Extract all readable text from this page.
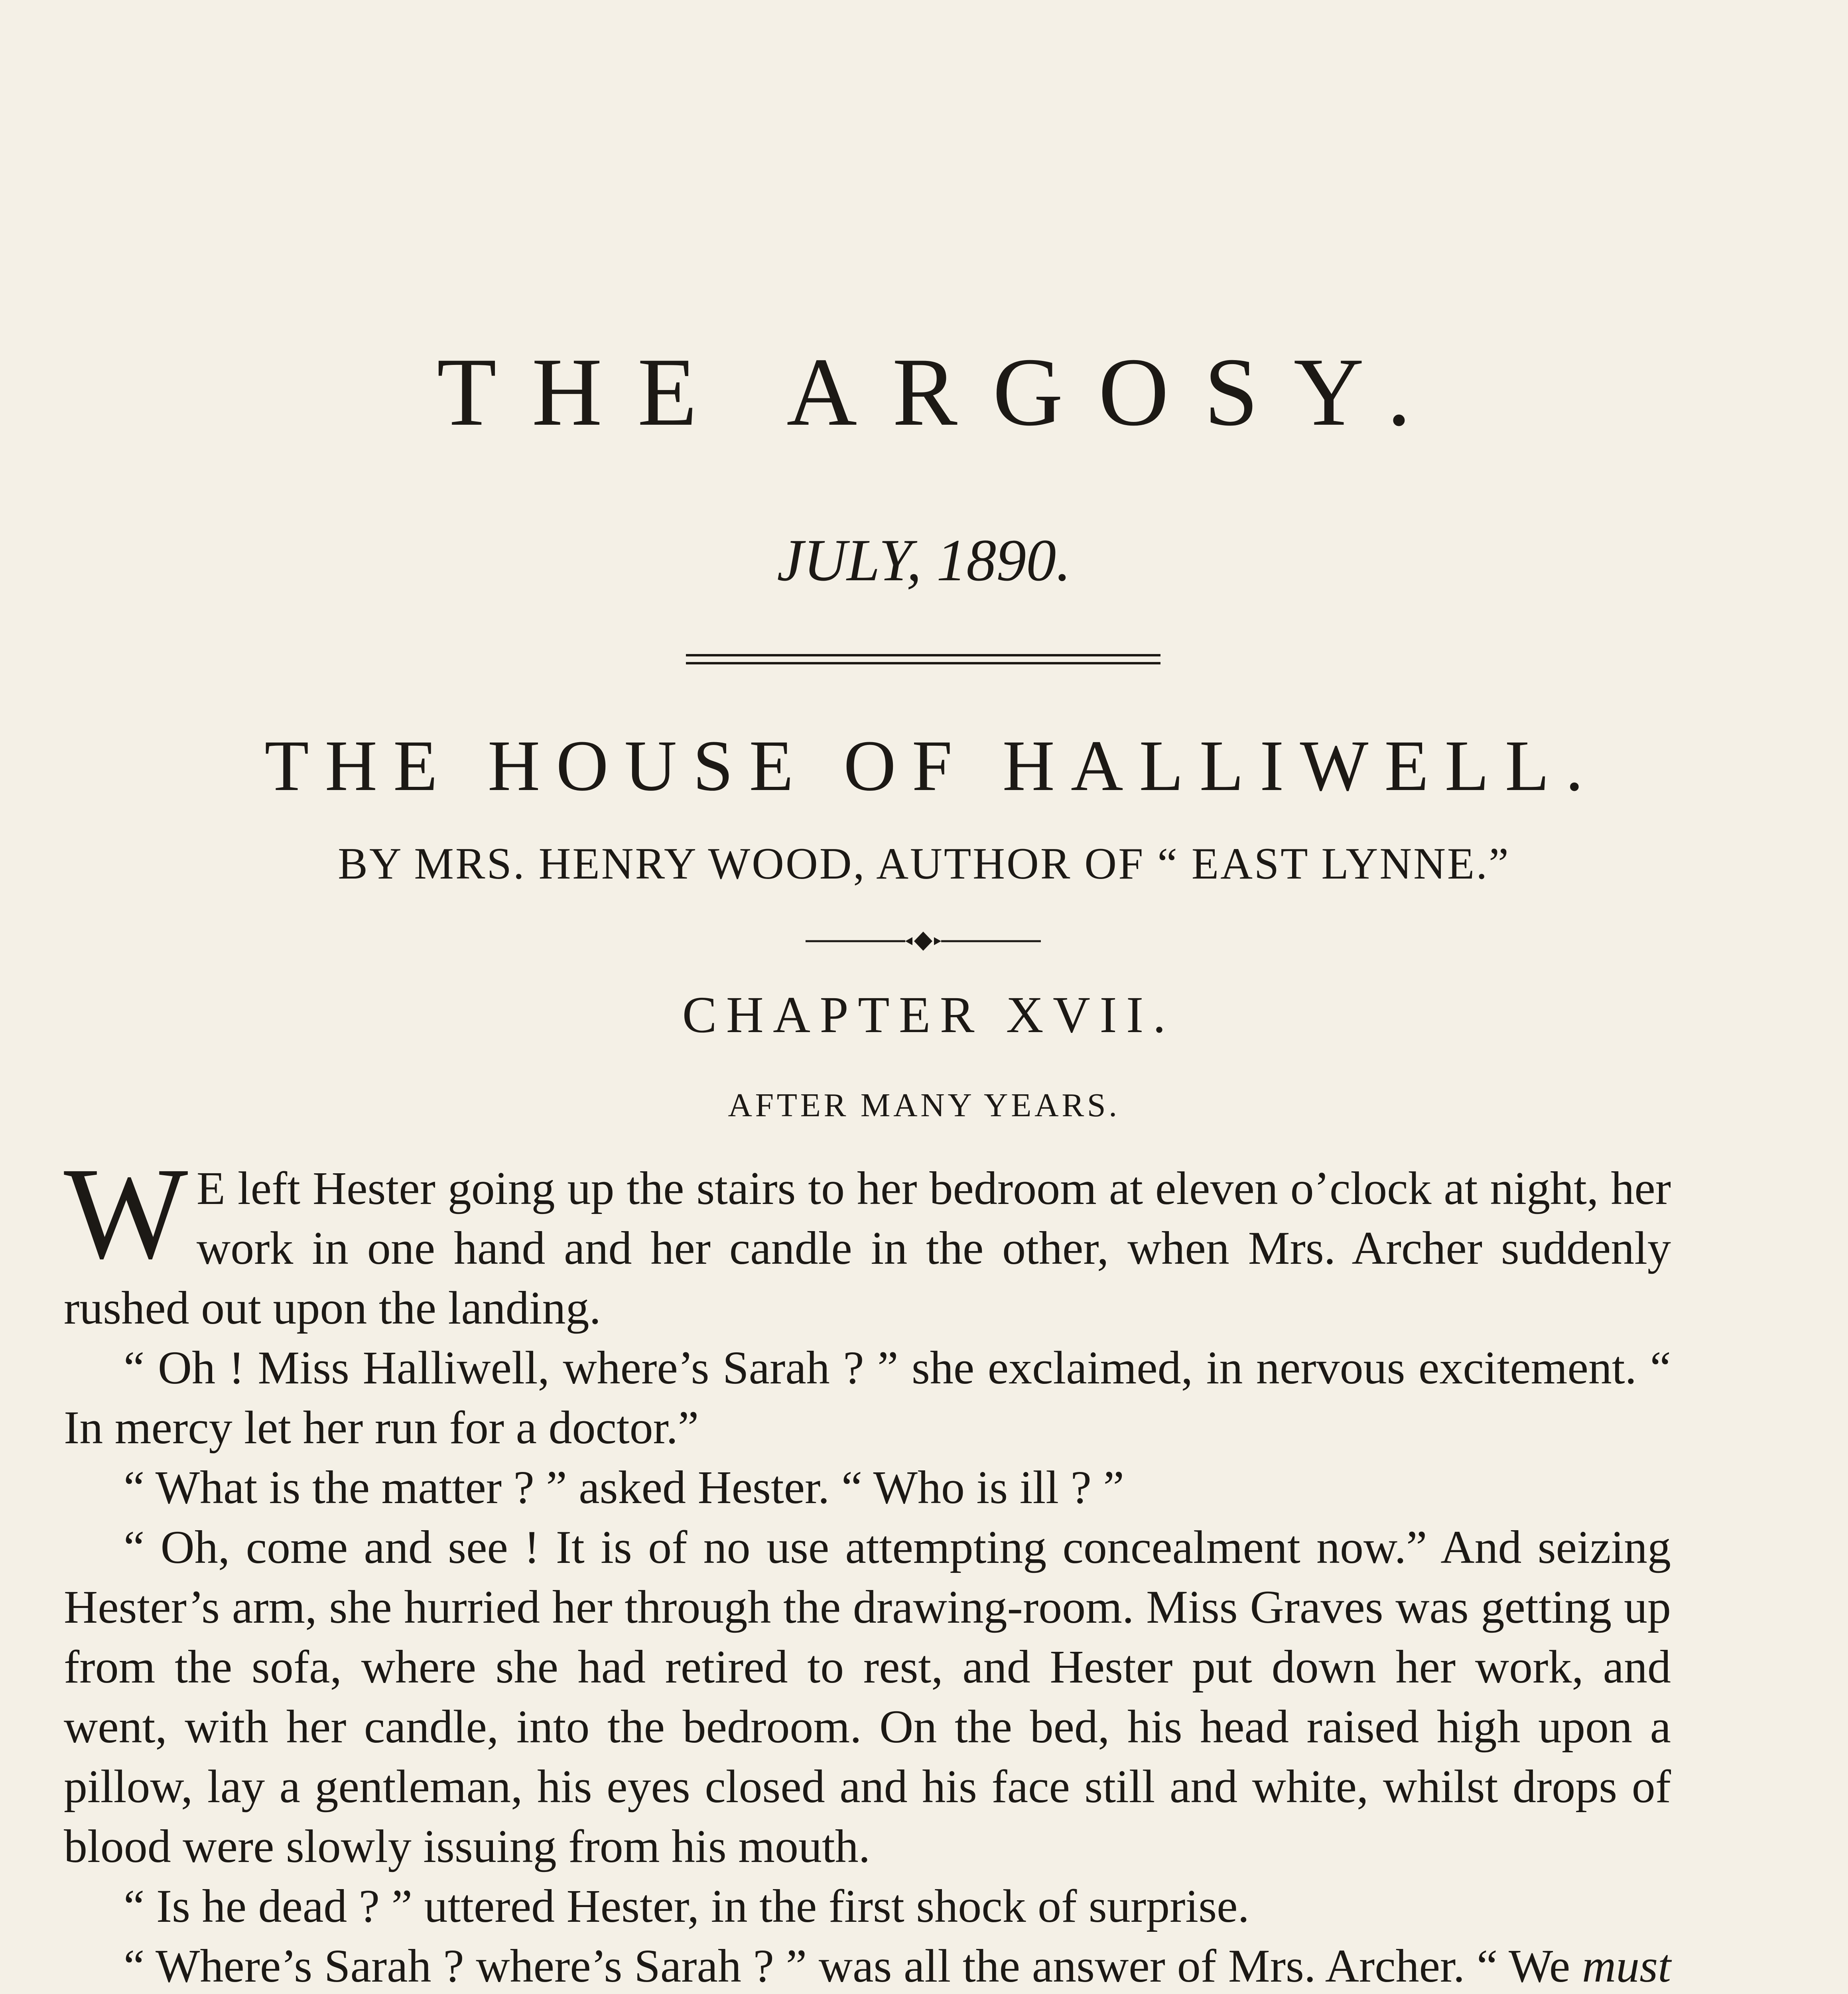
THE ARGOSY.
JULY, 1890.
THE HOUSE OF HALLIWELL.
BY MRS. HENRY WOOD, AUTHOR OF “ EAST LYNNE.”
CHAPTER XVII.
AFTER MANY YEARS.

W E left Hester going up the stairs to her bedroom at eleven o’clock at night, her work in one hand and her candle in the other, when Mrs. Archer suddenly rushed out upon the landing.

“ Oh ! Miss Halliwell, where’s Sarah ? ” she exclaimed, in nervous excitement. “ In mercy let her run for a doctor.”

“ What is the matter ? ” asked Hester. “ Who is ill ? ”

“ Oh, come and see ! It is of no use attempting concealment now.” And seizing Hester’s arm, she hurried her through the drawing-room. Miss Graves was getting up from the sofa, where she had retired to rest, and Hester put down her work, and went, with her candle, into the bedroom. On the bed, his head raised high upon a pillow, lay a gentleman, his eyes closed and his face still and white, whilst drops of blood were slowly issuing from his mouth.

“ Is he dead ? ” uttered Hester, in the first shock of surprise.

“ Where’s Sarah ? where’s Sarah ? ” was all the answer of Mrs. Archer. “ We must
